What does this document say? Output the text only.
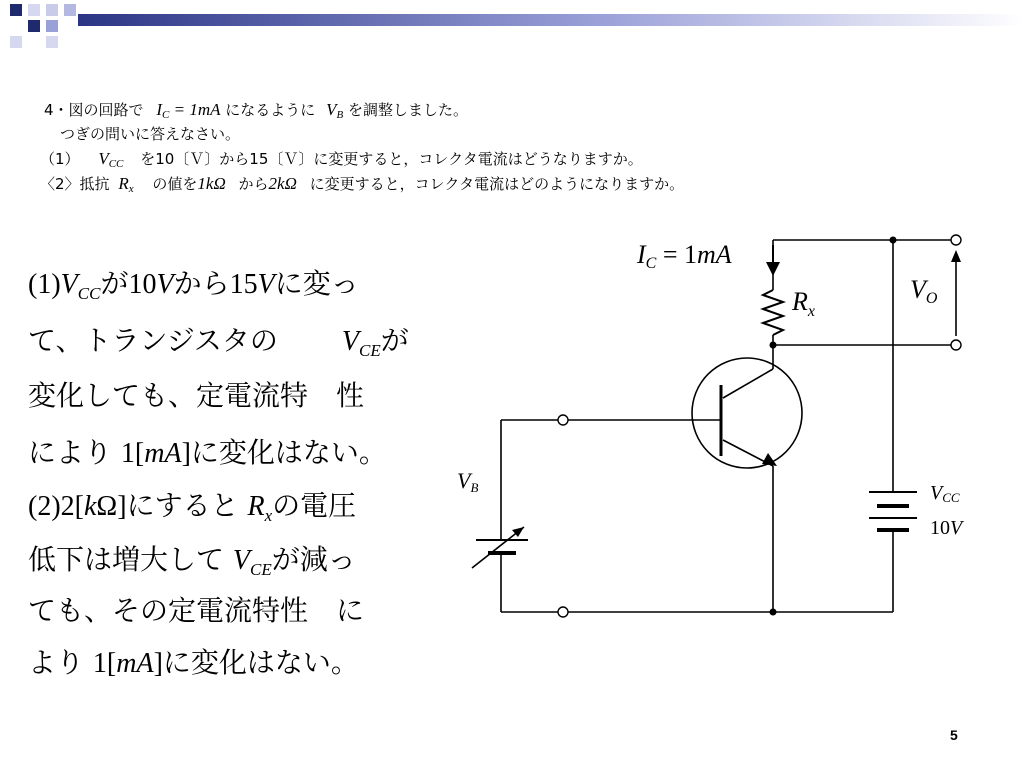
4・図の回路で $I_C = 1mA$ になるように $V_B$ を調整しました。
つぎの問いに答えなさい。
（1） $V_{CC}$ を10〔Ｖ〕から15〔Ｖ〕に変更すると，コレクタ電流はどうなりますか。
〈2〉抵抗 $R_x$ の値を1kΩ から2kΩ に変更すると，コレクタ電流はどのようになりますか。
$(1)V_{CC}$が10Vから15Vに変っ
て、トランジスタの $V_{CE}$が
変化しても、定電流特　性
により 1[mA]に変化はない。
(2)2[kΩ]にすると $R_x$の電圧
低下は増大して $V_{CE}$が減っ
ても、その定電流特性　に
より 1[mA]に変化はない。
$I_C = 1mA$
$R_x$
$V_O$
$V_B$	$V_{CC}$
10V
5
